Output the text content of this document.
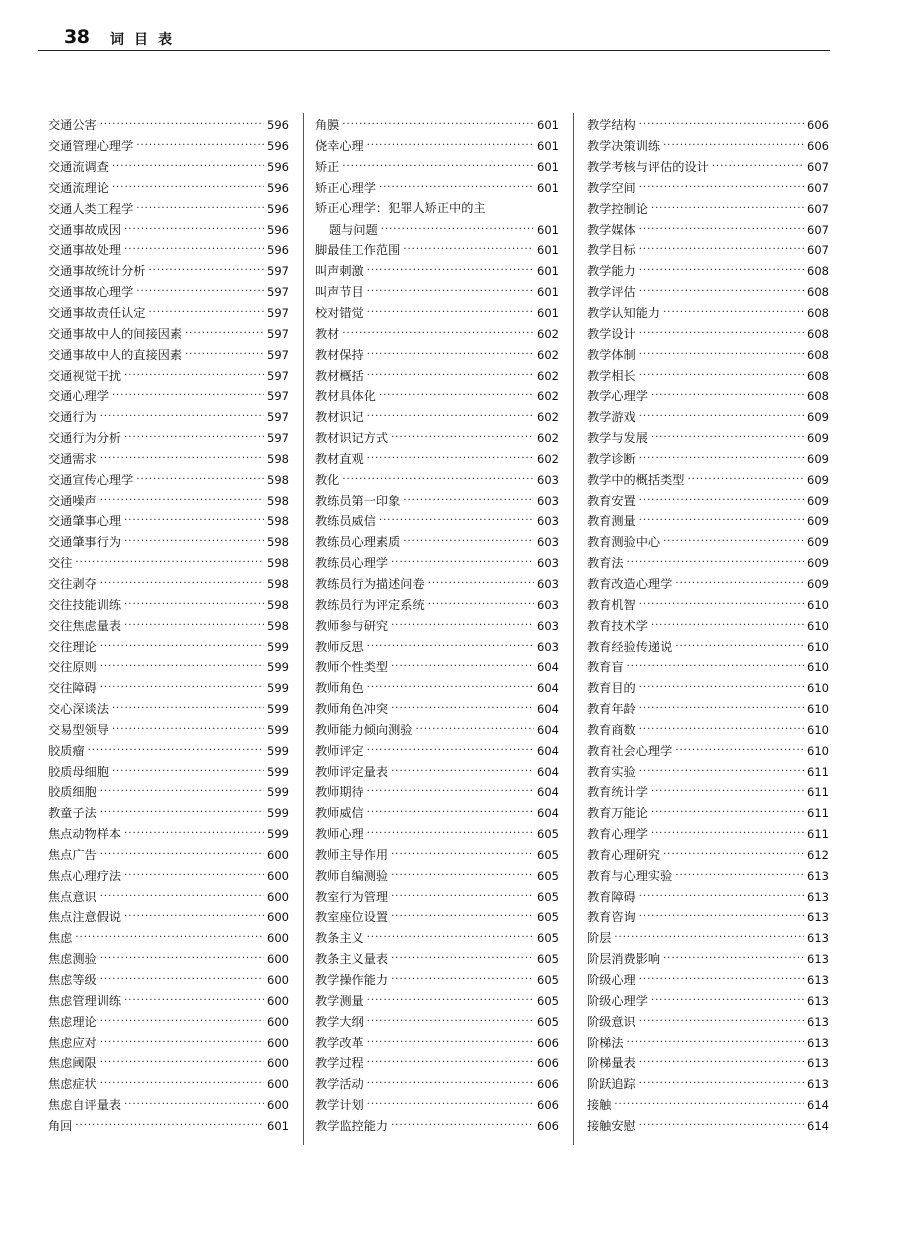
38 词目表
交通公害 ·····	596
交通管理心理学 ·····	596
交通流调查 ·····	596
交通流理论 ·····	596
交通人类工程学 ·····	596
交通事故成因 ·····	596
交通事故处理 ·····	596
交通事故统计分析 ·····	597
交通事故心理学 ·····	597
交通事故责任认定 ·····	597
交通事故中人的间接因素 ·····	597
交通事故中人的直接因素 ·····	597
交通视觉干扰 ·····	597
交通心理学 ·····	597
交通行为 ·····	597
交通行为分析 ·····	597
交通需求 ·····	598
交通宣传心理学 ·····	598
交通噪声 ·····	598
交通肇事心理 ·····	598
交通肇事行为 ·····	598
交往 ·····	598
交往剥夺 ·····	598
交往技能训练 ·····	598
交往焦虑量表 ·····	598
交往理论 ·····	599
交往原则 ·····	599
交往障碍 ·····	599
交心深谈法 ·····	599
交易型领导 ·····	599
胶质瘤 ·····	599
胶质母细胞 ·····	599
胶质细胞 ·····	599
教童子法 ·····	599
焦点动物样本 ·····	599
焦点广告 ·····	600
焦点心理疗法 ·····	600
焦点意识 ·····	600
焦点注意假说 ·····	600
焦虑 ·····	600
焦虑测验 ·····	600
焦虑等级 ·····	600
焦虑管理训练 ·····	600
焦虑理论 ·····	600
焦虑应对 ·····	600
焦虑阈限 ·····	600
焦虑症状 ·····	600
焦虑自评量表 ·····	600
角回 ·····	601
角膜 ·····	601
侥幸心理 ·····	601
矫正 ·····	601
矫正心理学 ·····	601
矫正心理学：犯罪人矫正中的主
题与问题 ·····	601
脚最佳工作范围 ·····	601
叫声刺激 ·····	601
叫声节目 ·····	601
校对错觉 ·····	601
教材 ·····	602
教材保持 ·····	602
教材概括 ·····	602
教材具体化 ·····	602
教材识记 ·····	602
教材识记方式 ·····	602
教材直观 ·····	602
教化 ·····	603
教练员第一印象 ·····	603
教练员威信 ·····	603
教练员心理素质 ·····	603
教练员心理学 ·····	603
教练员行为描述问卷 ·····	603
教练员行为评定系统 ·····	603
教师参与研究 ·····	603
教师反思 ·····	603
教师个性类型 ·····	604
教师角色 ·····	604
教师角色冲突 ·····	604
教师能力倾向测验 ·····	604
教师评定 ·····	604
教师评定量表 ·····	604
教师期待 ·····	604
教师威信 ·····	604
教师心理 ·····	605
教师主导作用 ·····	605
教师自编测验 ·····	605
教室行为管理 ·····	605
教室座位设置 ·····	605
教条主义 ·····	605
教条主义量表 ·····	605
教学操作能力 ·····	605
教学测量 ·····	605
教学大纲 ·····	605
教学改革 ·····	606
教学过程 ·····	606
教学活动 ·····	606
教学计划 ·····	606
教学监控能力 ·····	606
教学结构 ·····	606
教学决策训练 ·····	606
教学考核与评估的设计 ·····	607
教学空间 ·····	607
教学控制论 ·····	607
教学媒体 ·····	607
教学目标 ·····	607
教学能力 ·····	608
教学评估 ·····	608
教学认知能力 ·····	608
教学设计 ·····	608
教学体制 ·····	608
教学相长 ·····	608
教学心理学 ·····	608
教学游戏 ·····	609
教学与发展 ·····	609
教学诊断 ·····	609
教学中的概括类型 ·····	609
教育安置 ·····	609
教育测量 ·····	609
教育测验中心 ·····	609
教育法 ·····	609
教育改造心理学 ·····	609
教育机智 ·····	610
教育技术学 ·····	610
教育经验传递说 ·····	610
教育盲 ·····	610
教育目的 ·····	610
教育年龄 ·····	610
教育商数 ·····	610
教育社会心理学 ·····	610
教育实验 ·····	611
教育统计学 ·····	611
教育万能论 ·····	611
教育心理学 ·····	611
教育心理研究 ·····	612
教育与心理实验 ·····	613
教育障碍 ·····	613
教育咨询 ·····	613
阶层 ·····	613
阶层消费影响 ·····	613
阶级心理 ·····	613
阶级心理学 ·····	613
阶级意识 ·····	613
阶梯法 ·····	613
阶梯量表 ·····	613
阶跃追踪 ·····	613
接触 ·····	614
接触安慰 ·····	614
